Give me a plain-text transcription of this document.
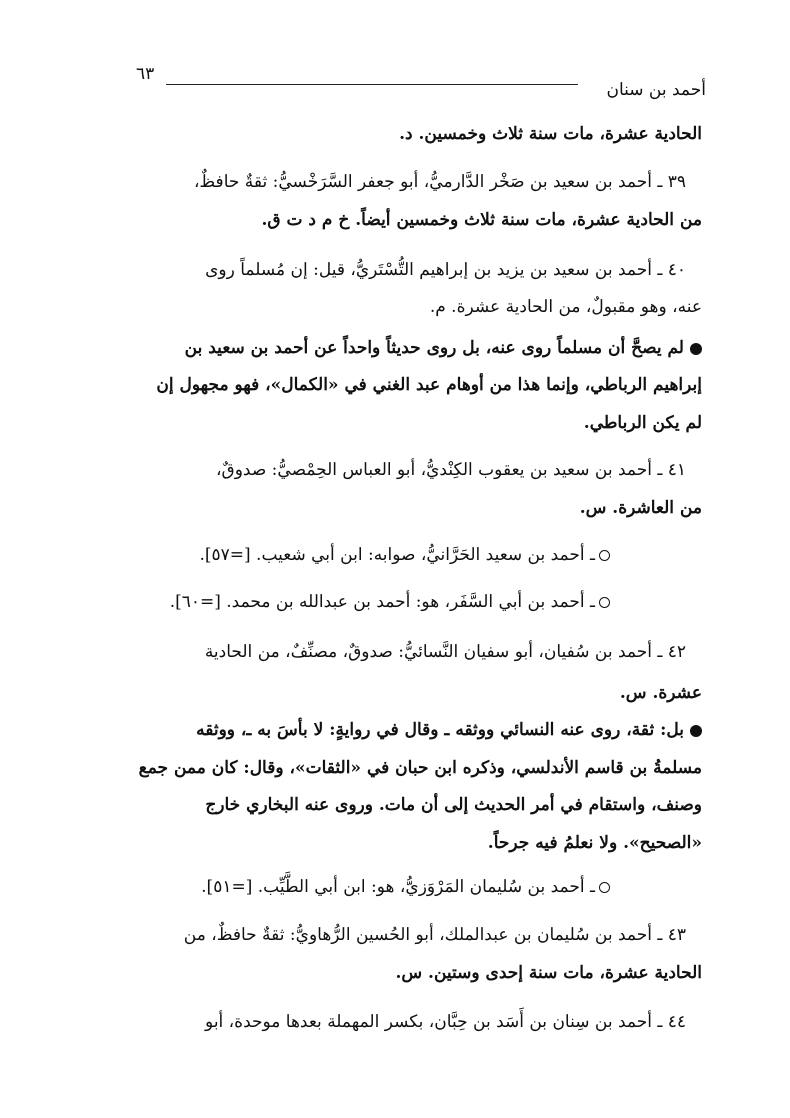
٦٣
أحمد بن سنان
الحادية عشرة، مات سنة ثلاث وخمسين. د.
٣٩ ـ أحمد بن سعيد بن صَخْر الدَّارميُّ، أبو جعفر السَّرَخْسيُّ: ثقةٌ حافظٌ،
من الحادية عشرة، مات سنة ثلاث وخمسين أيضاً. خ م د ت ق.
٤٠ ـ أحمد بن سعيد بن يزيد بن إبراهيم التُّسْتَريُّ، قيل: إن مُسلماً روى
عنه، وهو مقبولٌ، من الحادية عشرة. م.
لم يصحَّ أن مسلماً روى عنه، بل روى حديثاً واحداً عن أحمد بن سعيد بن
إبراهيم الرباطي، وإنما هذا من أوهام عبد الغني في «الكمال»، فهو مجهول إن
لم يكن الرباطي.
٤١ ـ أحمد بن سعيد بن يعقوب الكِنْديُّ، أبو العباس الحِمْصيُّ: صدوقٌ،
من العاشرة. س.
ـ أحمد بن سعيد الحَرَّانيُّ، صوابه: ابن أبي شعيب. [=٥٧].
ـ أحمد بن أبي السَّفَر، هو: أحمد بن عبدالله بن محمد. [=٦٠].
٤٢ ـ أحمد بن سُفيان، أبو سفيان النَّسائيُّ: صدوقٌ، مصنِّفٌ، من الحادية
عشرة. س.
بل: ثقة، روى عنه النسائي ووثقه ـ وقال في روايةٍ: لا بأسَ به ـ، ووثقه
مسلمةُ بن قاسم الأندلسي، وذكره ابن حبان في «الثقات»، وقال: كان ممن جمع
وصنف، واستقام في أمر الحديث إلى أن مات. وروى عنه البخاري خارج
«الصحيح». ولا نعلمُ فيه جرحاً.
ـ أحمد بن سُليمان المَرْوَزيُّ، هو: ابن أبي الطَّيِّب. [=٥١].
٤٣ ـ أحمد بن سُليمان بن عبدالملك، أبو الحُسين الرُّهاويُّ: ثقةٌ حافظٌ، من
الحادية عشرة، مات سنة إحدى وستين. س.
٤٤ ـ أحمد بن سِنان بن أَسَد بن حِبَّان، بكسر المهملة بعدها موحدة، أبو
